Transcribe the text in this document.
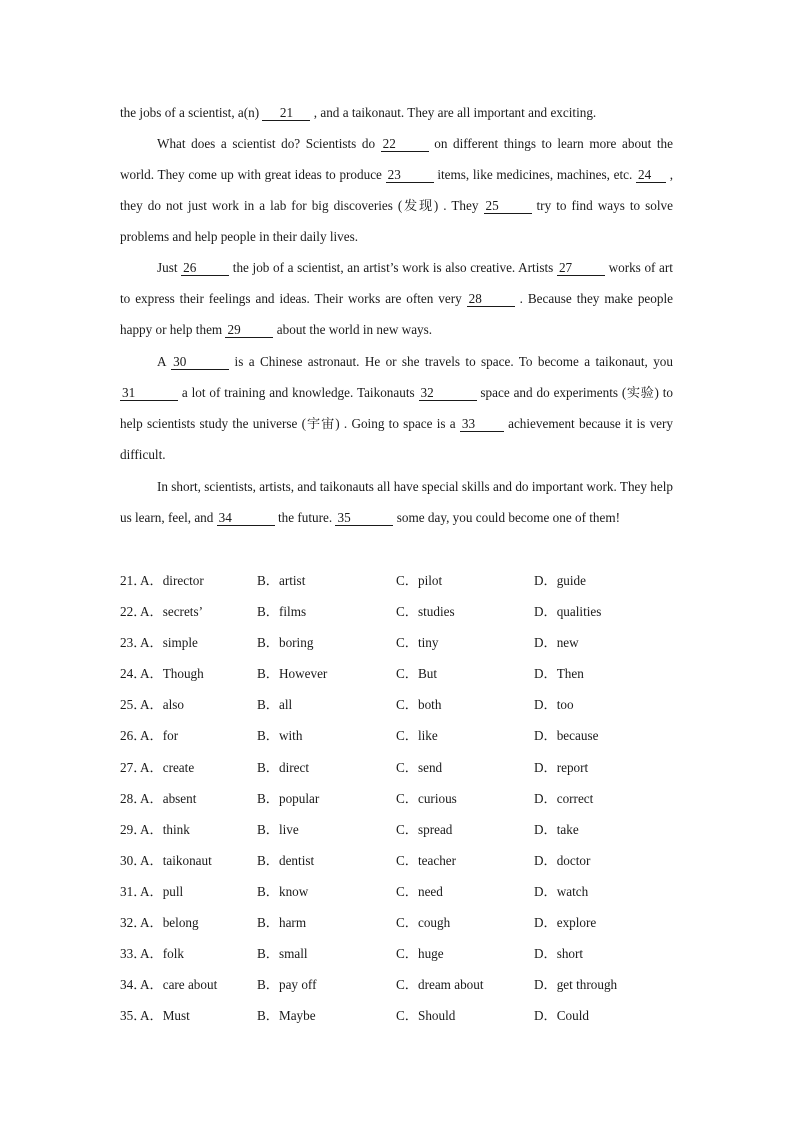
the jobs of a scientist, a(n) 21 , and a taikonaut. They are all important and exciting.
What does a scientist do? Scientists do 22 on different things to learn more about the world. They come up with great ideas to produce 23 items, like medicines, machines, etc. 24 , they do not just work in a lab for big discoveries (发现) . They 25 try to find ways to solve problems and help people in their daily lives.
Just 26 the job of a scientist, an artist’s work is also creative. Artists 27 works of art to express their feelings and ideas. Their works are often very 28 . Because they make people happy or help them 29 about the world in new ways.
A 30	is a Chinese astronaut. He or she travels to space. To become a taikonaut, you 31	a lot of training and knowledge. Taikonauts 32	space and do experiments (实验) to help scientists study the universe (宇宙) . Going to space is a 33 achievement because it is very difficult.
In short, scientists, artists, and taikonauts all have special skills and do important work. They help us learn, feel, and 34	the future. 35	some day, you could become one of them!
21．
A．director	B．artist	C．pilot	D．guide
22．
A．secrets’	B．films	C．studies	D．qualities
23．
A．simple	B．boring	C．tiny	D．new
24．
A．Though	B．However	C．But	D．Then
25．
A．also	B．all	C．both	D．too
26．
A．for	B．with	C．like	D．because
27．
A．create	B．direct	C．send	D．report
28．
A．absent	B．popular	C．curious	D．correct
29．
A．think	B．live	C．spread	D．take
30．
A．taikonaut	B．dentist	C．teacher	D．doctor
31．
A．pull	B．know	C．need	D．watch
32．
A．belong	B．harm	C．cough	D．explore
33．
A．folk	B．small	C．huge	D．short
34．
A．care about	B．pay off	C．dream about	D．get through
35．
A．Must	B．Maybe	C．Should	D．Could
